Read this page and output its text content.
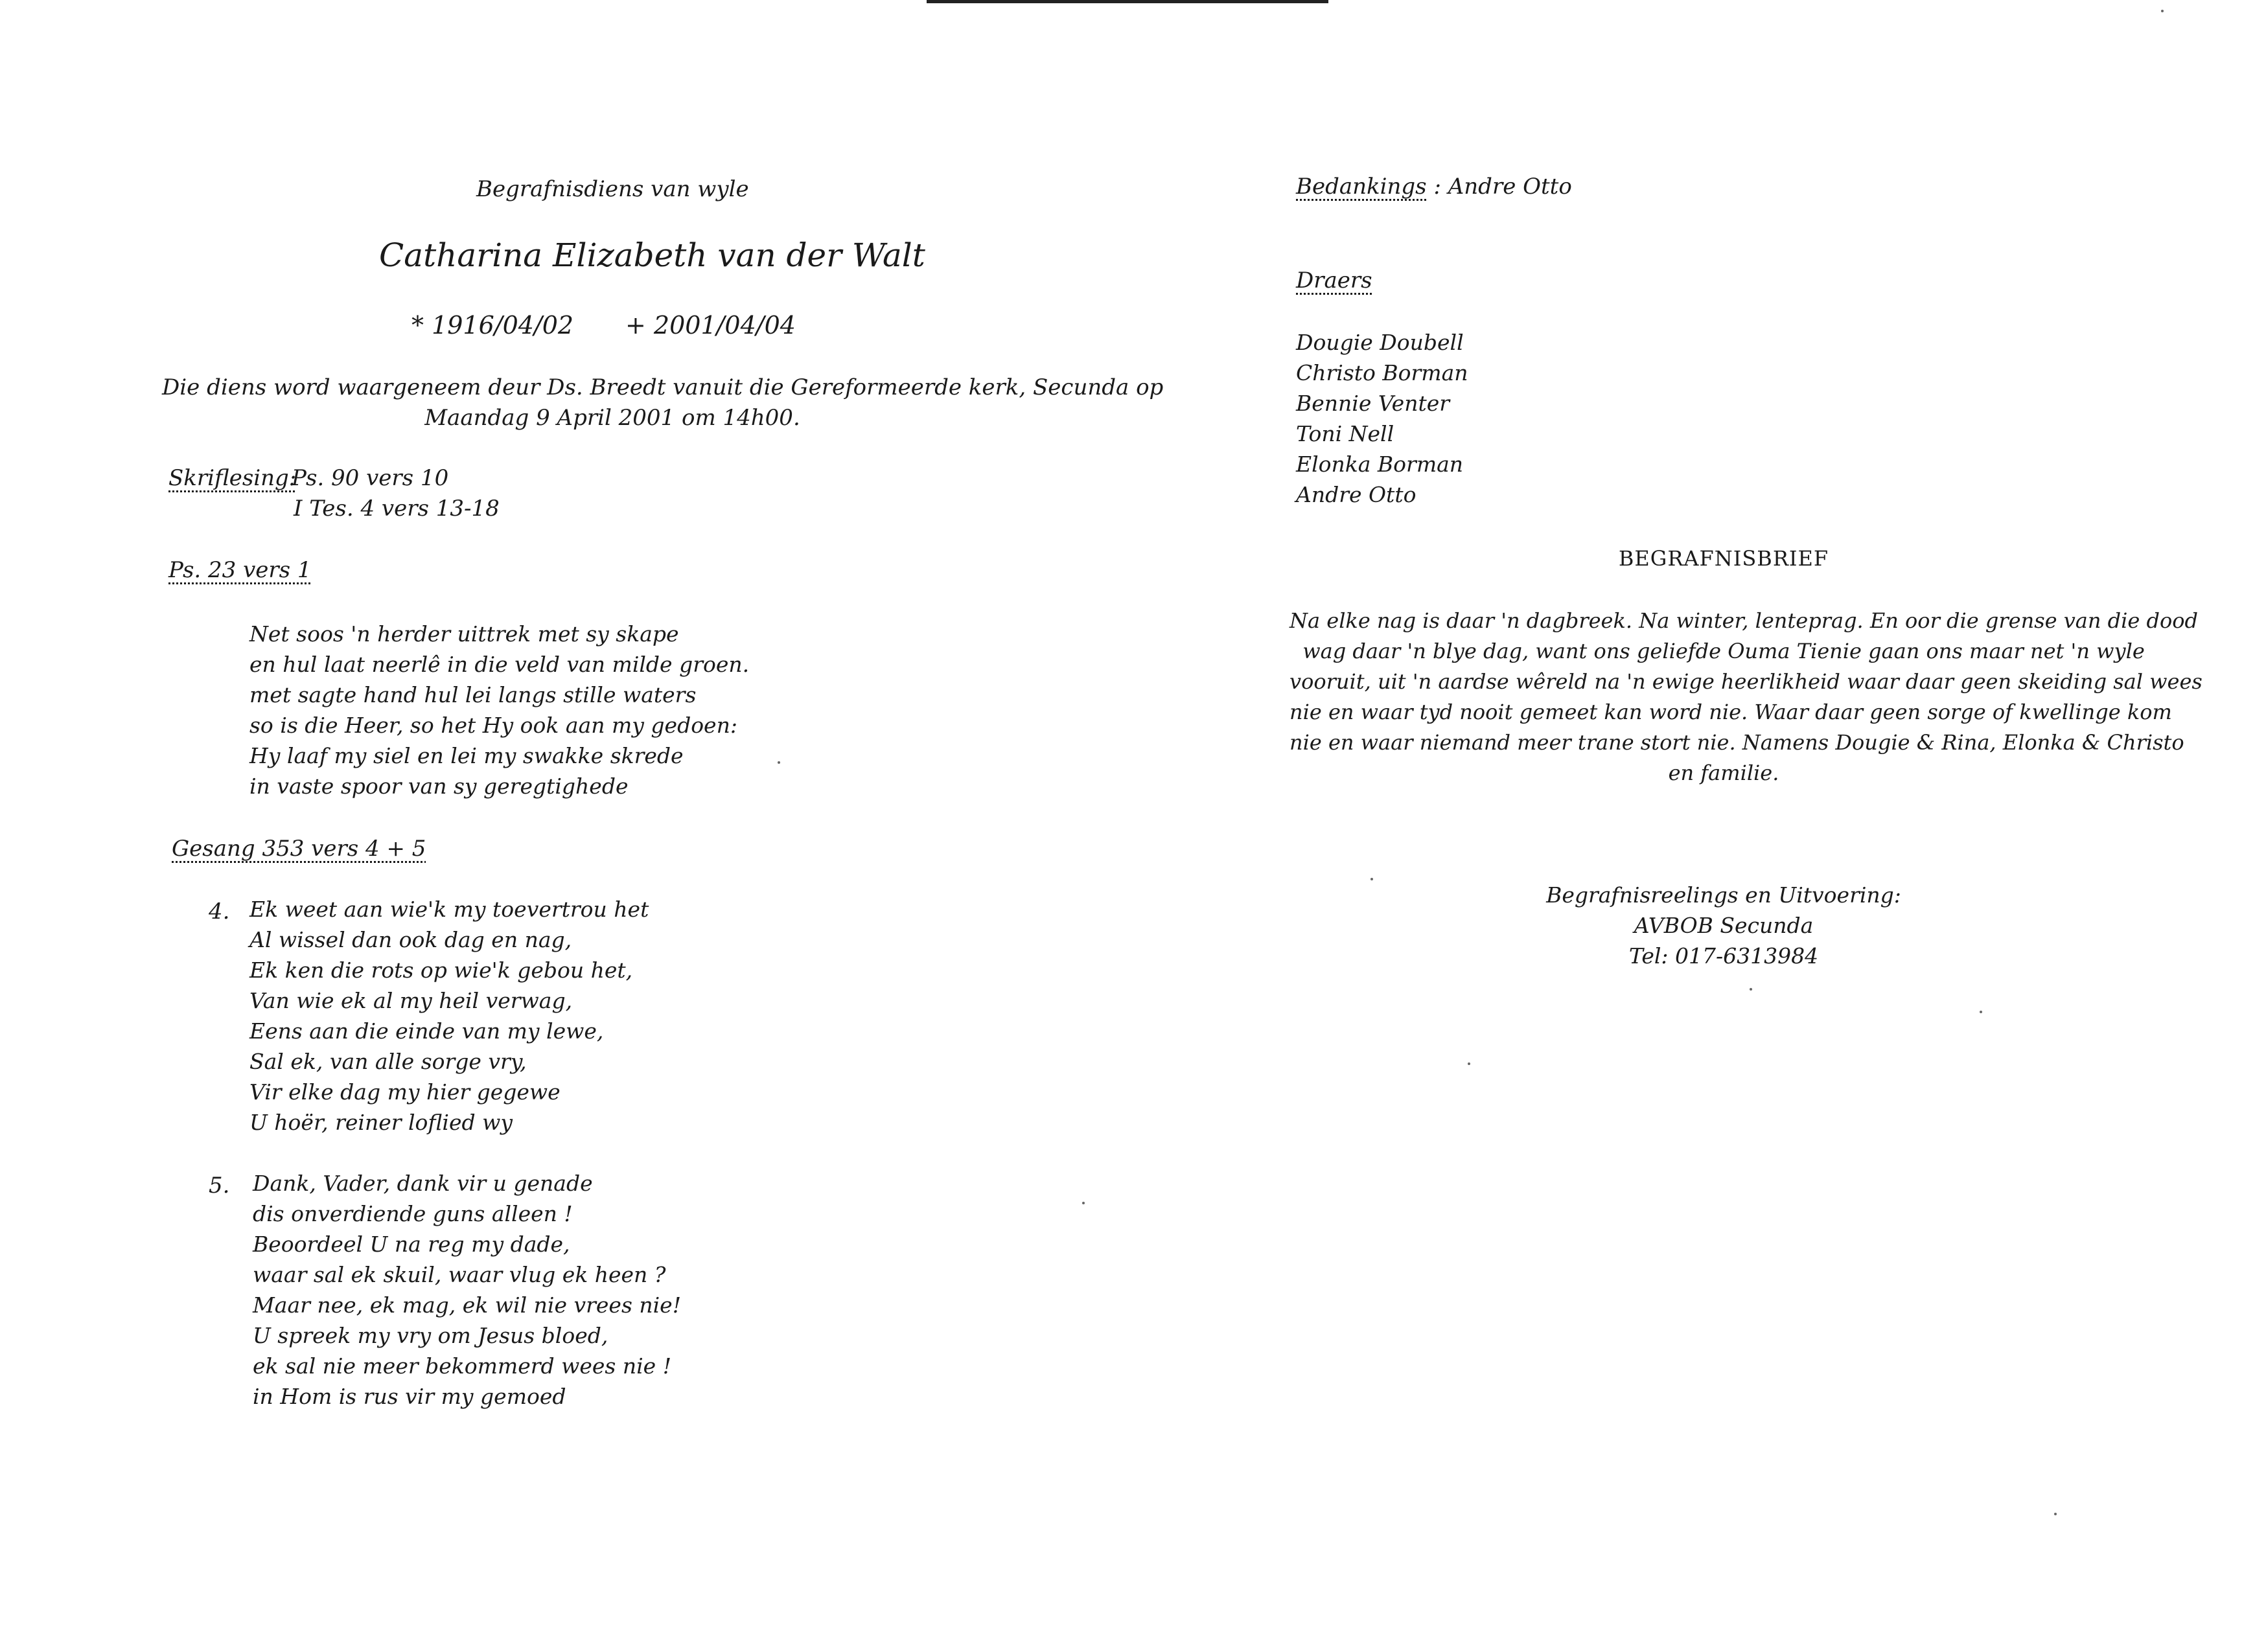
Begrafnisdiens van wyle
Catharina Elizabeth van der Walt
* 1916/04/02 + 2001/04/04
Die diens word waargeneem deur Ds. Breedt vanuit die Gereformeerde kerk, Secunda op
Maandag 9 April 2001 om 14h00.
Skriflesing:
Ps. 90 vers 10
I Tes. 4 vers 13-18
Ps. 23 vers 1
Net soos 'n herder uittrek met sy skape
en hul laat neerlê in die veld van milde groen.
met sagte hand hul lei langs stille waters
so is die Heer, so het Hy ook aan my gedoen:
Hy laaf my siel en lei my swakke skrede
in vaste spoor van sy geregtighede
Gesang 353 vers 4 + 5
4. Ek weet aan wie'k my toevertrou het
Al wissel dan ook dag en nag,
Ek ken die rots op wie'k gebou het,
Van wie ek al my heil verwag,
Eens aan die einde van my lewe,
Sal ek, van alle sorge vry,
Vir elke dag my hier gegewe
U hoër, reiner loflied wy
5. Dank, Vader, dank vir u genade
dis onverdiende guns alleen !
Beoordeel U na reg my dade,
waar sal ek skuil, waar vlug ek heen ?
Maar nee, ek mag, ek wil nie vrees nie!
U spreek my vry om Jesus bloed,
ek sal nie meer bekommerd wees nie !
in Hom is rus vir my gemoed
Bedankings : Andre Otto
Draers
Dougie Doubell
Christo Borman
Bennie Venter
Toni Nell
Elonka Borman
Andre Otto
BEGRAFNISBRIEF
Na elke nag is daar 'n dagbreek. Na winter, lenteprag. En oor die grense van die dood
wag daar 'n blye dag, want ons geliefde Ouma Tienie gaan ons maar net 'n wyle
vooruit, uit 'n aardse wêreld na 'n ewige heerlikheid waar daar geen skeiding sal wees
nie en waar tyd nooit gemeet kan word nie. Waar daar geen sorge of kwellinge kom
nie en waar niemand meer trane stort nie. Namens Dougie & Rina, Elonka & Christo
en familie.
Begrafnisreelings en Uitvoering:
AVBOB Secunda
Tel: 017-6313984
